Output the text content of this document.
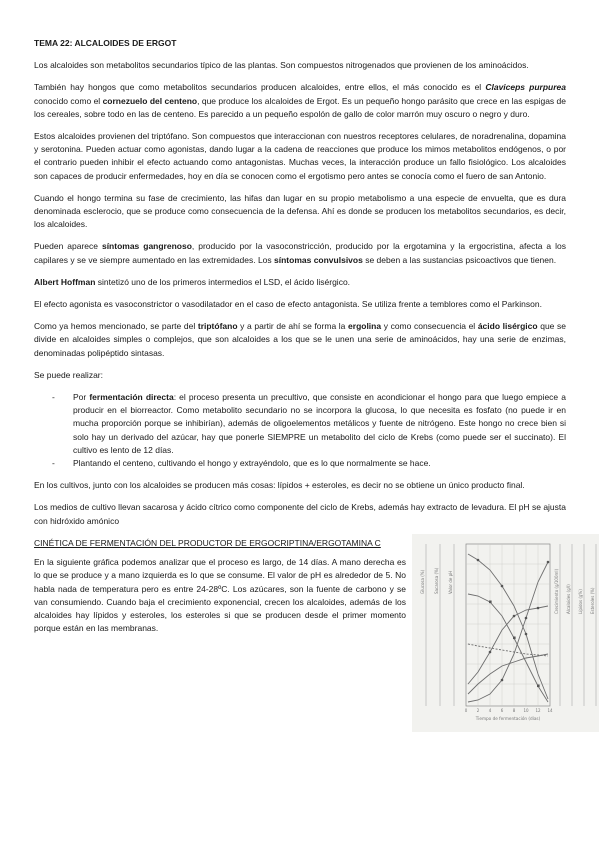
TEMA 22: ALCALOIDES DE ERGOT

Los alcaloides son metabolitos secundarios típico de las plantas. Son compuestos nitrogenados que provienen de los aminoácidos.

También hay hongos que como metabolitos secundarios producen alcaloides, entre ellos, el más conocido es el Claviceps purpurea conocido como el cornezuelo del centeno, que produce los alcaloides de Ergot. Es un pequeño hongo parásito que crece en las espigas de los cereales, sobre todo en las de centeno. Es parecido a un pequeño espolón de gallo de color marrón muy oscuro o negro y duro.

Estos alcaloides provienen del triptófano. Son compuestos que interaccionan con nuestros receptores celulares, de noradrenalina, dopamina y serotonina. Pueden actuar como agonistas, dando lugar a la cadena de reacciones que produce los mimos metabolitos endógenos, o por el contrario pueden inhibir el efecto actuando como antagonistas. Muchas veces, la interacción produce un fallo fisiológico. Los alcaloides son capaces de producir enfermedades, hoy en día se conocen como el ergotismo pero antes se conocía como el fuero de san Antonio.

Cuando el hongo termina su fase de crecimiento, las hifas dan lugar en su propio metabolismo a una especie de envuelta, que es dura denominada esclerocio, que se produce como consecuencia de la defensa. Ahí es donde se producen los metabolitos secundarios, es decir, los alcaloides.

Pueden aparece síntomas gangrenoso, producido por la vasoconstricción, producido por la ergotamina y la ergocristina, afecta a los capilares y se ve siempre aumentado en las extremidades. Los síntomas convulsivos se deben a las sustancias psicoactivos que tienen.

Albert Hoffman sintetizó uno de los primeros intermedios el LSD, el ácido lisérgico.

El efecto agonista es vasoconstrictor o vasodilatador en el caso de efecto antagonista. Se utiliza frente a temblores como el Parkinson.

Como ya hemos mencionado, se parte del triptófano y a partir de ahí se forma la ergolina y como consecuencia el ácido lisérgico que se divide en alcaloides simples o complejos, que son alcaloides a los que se le unen una serie de aminoácidos, hay una serie de enzimas, denominadas polipéptido sintasas.

Se puede realizar:

- Por fermentación directa: el proceso presenta un precultivo, que consiste en acondicionar el hongo para que luego empiece a producir en el biorreactor. Como metabolito secundario no se incorpora la glucosa, lo que necesita es fosfato (no puede ir en mucha proporción porque se inhibirían), además de oligoelementos metálicos y fuente de nitrógeno. Este hongo no crece bien si solo hay un derivado del azúcar, hay que ponerle SIEMPRE un metabolito del ciclo de Krebs (como puede ser el succinato). El cultivo es lento de 12 días.
- Plantando el centeno, cultivando el hongo y extrayéndolo, que es lo que normalmente se hace.

En los cultivos, junto con los alcaloides se producen más cosas: lípidos + esteroles, es decir no se obtiene un único producto final.

Los medios de cultivo llevan sacarosa y ácido cítrico como componente del ciclo de Krebs, además hay extracto de levadura. El pH se ajusta con hidróxido amónico

CINÉTICA DE FERMENTACIÓN DEL PRODUCTOR DE ERGOCRIPTINA/ERGOTAMINA C

En la siguiente gráfica podemos analizar que el proceso es largo, de 14 días. A mano derecha es lo que se produce y a mano izquierda es lo que se consume. El valor de pH es alrededor de 5. No habla nada de temperatura pero es entre 24-28ºC. Los azúcares, son la fuente de carbono y se van consumiendo. Cuando baja el crecimiento exponencial, crecen los alcaloides, además de los alcaloides hay lípidos y esteroles, los esteroles si que se producen desde el primer momento porque están en las membranas.

Glucosa (%) Sacarosa (%) Valor de pH	Crecimiento (g/100ml) Alcaloides (g/l) Lípidos (g%) Esteroles (%)
0 2 4 6 8 10 12 14
Tiempo de fermentación (días)
